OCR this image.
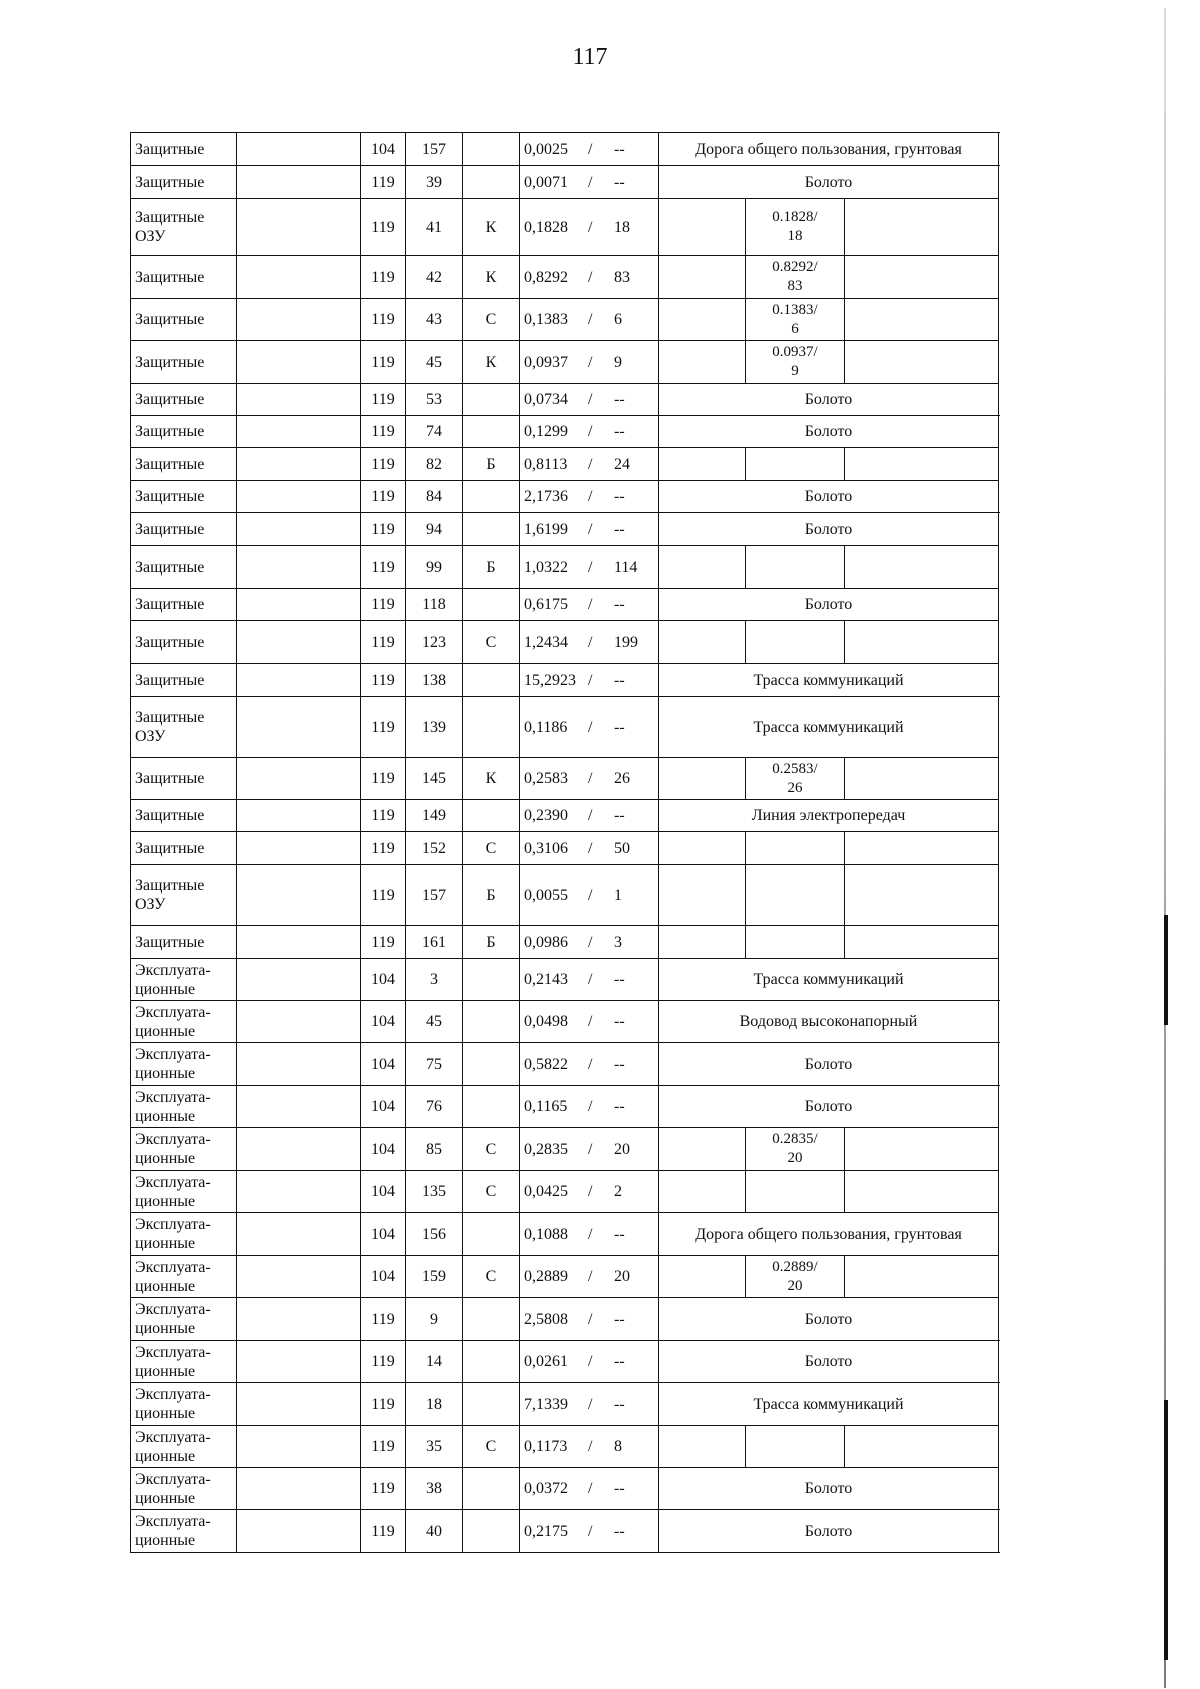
117
Защитные		104	157		0,0025 / --	Дорога общего пользования, грунтовая			
Защитные		119	39		0,0071 / --	Болото			
Защитные
ОЗУ		119	41	К	0,1828 / 18		0.1828/
18		
Защитные		119	42	К	0,8292 / 83		0.8292/
83		
Защитные		119	43	С	0,1383 / 6		0.1383/
6		
Защитные		119	45	К	0,0937 / 9		0.0937/
9		
Защитные		119	53		0,0734 / --	Болото			
Защитные		119	74		0,1299 / --	Болото			
Защитные		119	82	Б	0,8113 / 24				
Защитные		119	84		2,1736 / --	Болото			
Защитные		119	94		1,6199 / --	Болото			
Защитные		119	99	Б	1,0322 / 114				
Защитные		119	118		0,6175 / --	Болото			
Защитные		119	123	С	1,2434 / 199				
Защитные		119	138		15,2923 / --	Трасса коммуникаций			
Защитные
ОЗУ		119	139		0,1186 / --	Трасса коммуникаций			
Защитные		119	145	К	0,2583 / 26		0.2583/
26		
Защитные		119	149		0,2390 / --	Линия электропередач			
Защитные		119	152	С	0,3106 / 50				
Защитные
ОЗУ		119	157	Б	0,0055 / 1				
Защитные		119	161	Б	0,0986 / 3				
Эксплуата-
ционные		104	3		0,2143 / --	Трасса коммуникаций			
Эксплуата-
ционные		104	45		0,0498 / --	Водовод высоконапорный			
Эксплуата-
ционные		104	75		0,5822 / --	Болото			
Эксплуата-
ционные		104	76		0,1165 / --	Болото			
Эксплуата-
ционные		104	85	С	0,2835 / 20		0.2835/
20		
Эксплуата-
ционные		104	135	С	0,0425 / 2				
Эксплуата-
ционные		104	156		0,1088 / --	Дорога общего пользования, грунтовая			
Эксплуата-
ционные		104	159	С	0,2889 / 20		0.2889/
20		
Эксплуата-
ционные		119	9		2,5808 / --	Болото			
Эксплуата-
ционные		119	14		0,0261 / --	Болото			
Эксплуата-
ционные		119	18		7,1339 / --	Трасса коммуникаций			
Эксплуата-
ционные		119	35	С	0,1173 / 8				
Эксплуата-
ционные		119	38		0,0372 / --	Болото			
Эксплуата-
ционные		119	40		0,2175 / --	Болото			
